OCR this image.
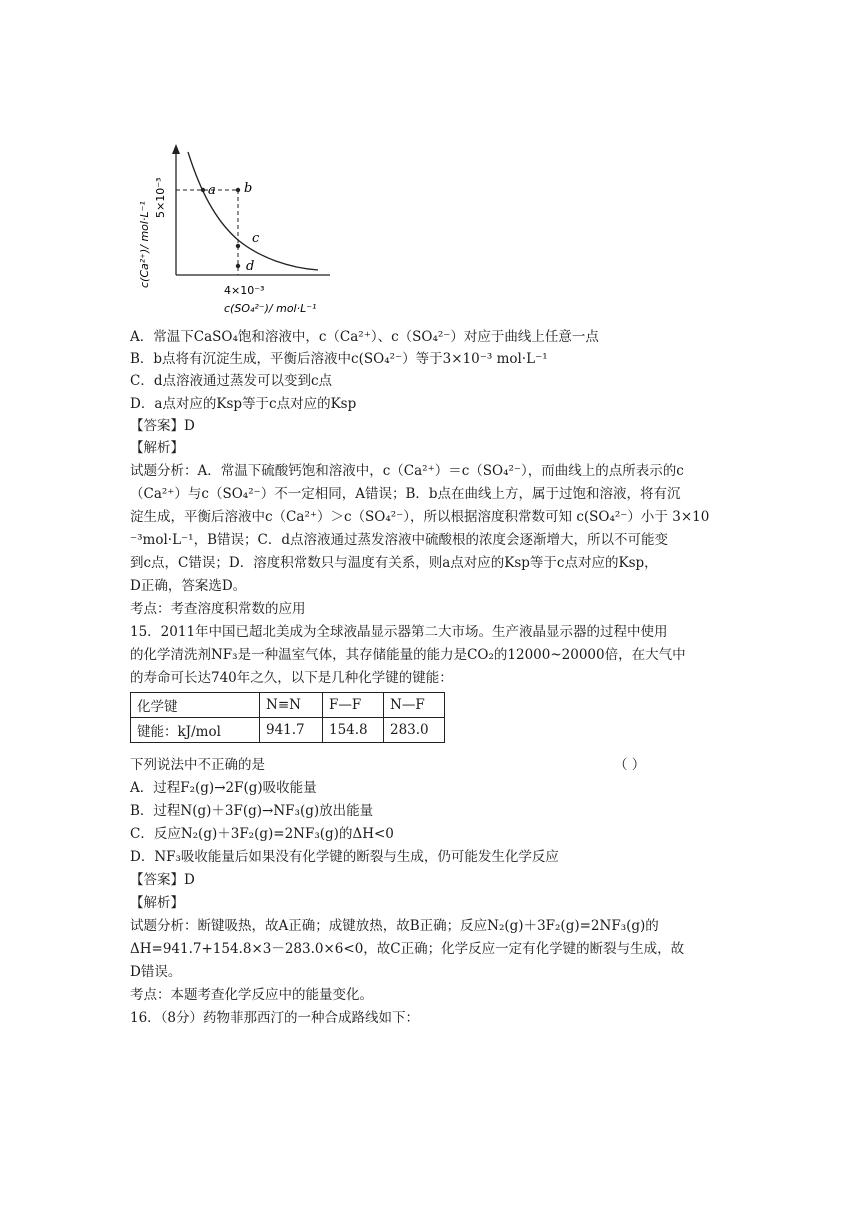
a b
c
d
5×10⁻³
c(Ca²⁺)/ mol·L⁻¹
4×10⁻³
c(SO₄²⁻)/ mol·L⁻¹
A．常温下CaSO₄饱和溶液中，c（Ca²⁺）、c（SO₄²⁻）对应于曲线上任意一点
B．b点将有沉淀生成，平衡后溶液中c(SO₄²⁻）等于3×10⁻³ mol·L⁻¹
C．d点溶液通过蒸发可以变到c点
D．a点对应的Ksp等于c点对应的Ksp
【答案】D
【解析】
试题分析：A．常温下硫酸钙饱和溶液中，c（Ca²⁺）＝c（SO₄²⁻），而曲线上的点所表示的c
（Ca²⁺）与c（SO₄²⁻）不一定相同，A错误；B．b点在曲线上方，属于过饱和溶液，将有沉
淀生成，平衡后溶液中c（Ca²⁺）＞c（SO₄²⁻），所以根据溶度积常数可知 c(SO₄²⁻）小于 3×10
⁻³mol·L⁻¹，B错误；C．d点溶液通过蒸发溶液中硫酸根的浓度会逐渐增大，所以不可能变
到c点，C错误；D．溶度积常数只与温度有关系，则a点对应的Ksp等于c点对应的Ksp，
D正确，答案选D。
考点：考查溶度积常数的应用
15．2011年中国已超北美成为全球液晶显示器第二大市场。生产液晶显示器的过程中使用
的化学清洗剂NF₃是一种温室气体，其存储能量的能力是CO₂的12000~20000倍，在大气中
的寿命可长达740年之久，以下是几种化学键的键能：
化学键	N≡N	F—F	N—F
键能：kJ/mol	941.7	154.8	283.0
下列说法中不正确的是	（ ）
A．过程F₂(g)→2F(g)吸收能量
B．过程N(g)＋3F(g)→NF₃(g)放出能量
C．反应N₂(g)＋3F₂(g)=2NF₃(g)的ΔH<0
D．NF₃吸收能量后如果没有化学键的断裂与生成，仍可能发生化学反应
【答案】D
【解析】
试题分析：断键吸热，故A正确；成键放热，故B正确；反应N₂(g)＋3F₂(g)=2NF₃(g)的
ΔH=941.7+154.8×3－283.0×6<0，故C正确；化学反应一定有化学键的断裂与生成，故
D错误。
考点：本题考查化学反应中的能量变化。
16．（8分）药物菲那西汀的一种合成路线如下：
